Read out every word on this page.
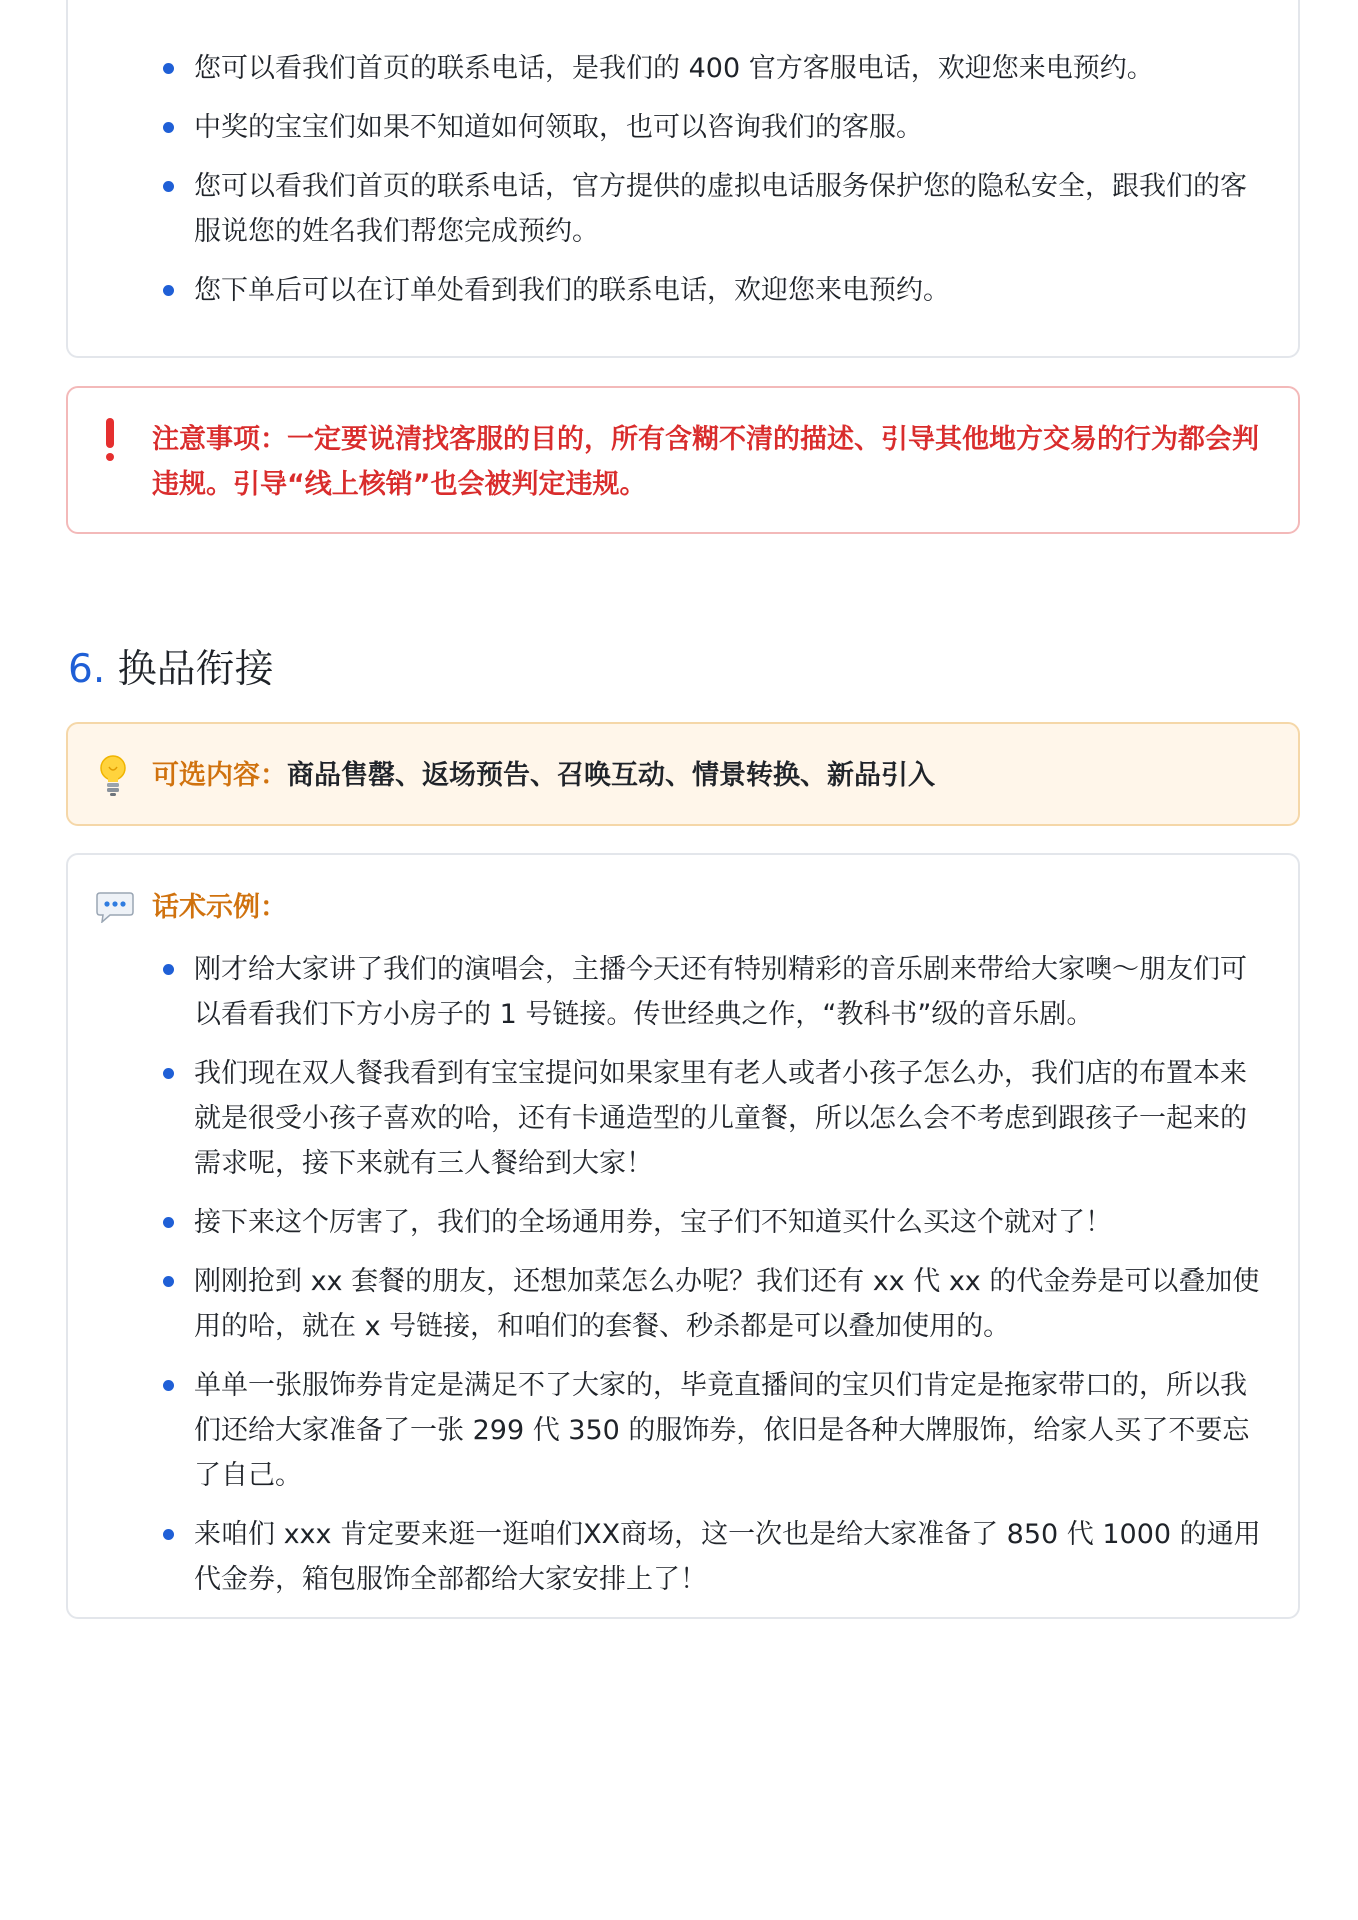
您可以看我们首页的联系电话，是我们的 400 官方客服电话，欢迎您来电预约。
中奖的宝宝们如果不知道如何领取，也可以咨询我们的客服。
您可以看我们首页的联系电话，官方提供的虚拟电话服务保护您的隐私安全，跟我们的客服说您的姓名我们帮您完成预约。
您下单后可以在订单处看到我们的联系电话，欢迎您来电预约。
注意事项：一定要说清找客服的目的，所有含糊不清的描述、引导其他地方交易的行为都会判违规。引导“线上核销”也会被判定违规。
6. 换品衔接
可选内容：商品售罄、返场预告、召唤互动、情景转换、新品引入
话术示例：
刚才给大家讲了我们的演唱会，主播今天还有特别精彩的音乐剧来带给大家噢～朋友们可以看看我们下方小房子的 1 号链接。传世经典之作，“教科书”级的音乐剧。
我们现在双人餐我看到有宝宝提问如果家里有老人或者小孩子怎么办，我们店的布置本来就是很受小孩子喜欢的哈，还有卡通造型的儿童餐，所以怎么会不考虑到跟孩子一起来的需求呢，接下来就有三人餐给到大家！
接下来这个厉害了，我们的全场通用券，宝子们不知道买什么买这个就对了！
刚刚抢到 xx 套餐的朋友，还想加菜怎么办呢？我们还有 xx 代 xx 的代金券是可以叠加使用的哈，就在 x 号链接，和咱们的套餐、秒杀都是可以叠加使用的。
单单一张服饰券肯定是满足不了大家的，毕竟直播间的宝贝们肯定是拖家带口的，所以我们还给大家准备了一张 299 代 350 的服饰券，依旧是各种大牌服饰，给家人买了不要忘了自己。
来咱们 xxx 肯定要来逛一逛咱们XX商场，这一次也是给大家准备了 850 代 1000 的通用代金券，箱包服饰全部都给大家安排上了！
